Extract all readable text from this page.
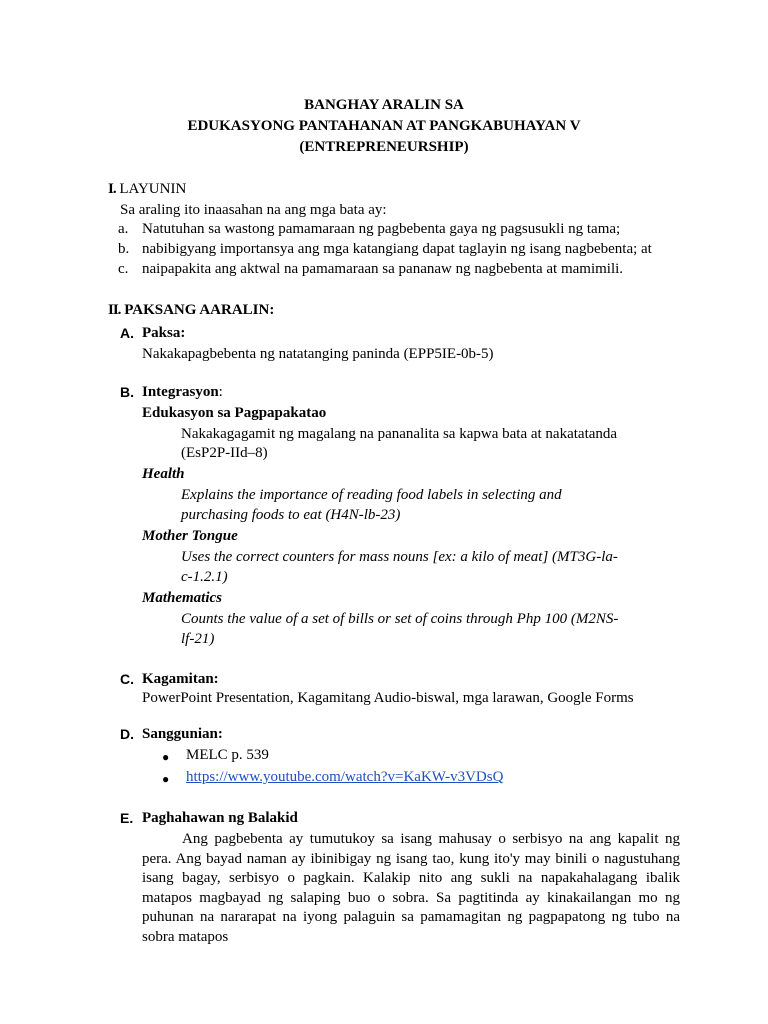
BANGHAY ARALIN SA
EDUKASYONG PANTAHANAN AT PANGKABUHAYAN V
(ENTREPRENEURSHIP)
I. LAYUNIN
Sa araling ito inaasahan na ang mga bata ay:
a. Natutuhan sa wastong pamamaraan ng pagbebenta gaya ng pagsusukli ng tama;
b. nabibigyang importansya ang mga katangiang dapat taglayin ng isang nagbebenta; at
c. naipapakita ang aktwal na pamamaraan sa pananaw ng nagbebenta at mamimili.
II. PAKSANG AARALIN:
A. Paksa:
Nakakapagbebenta ng natatanging paninda (EPP5IE-0b-5)
B. Integrasyon:
Edukasyon sa Pagpapakatao
Nakakagagamit ng magalang na pananalita sa kapwa bata at nakatatanda
(EsP2P-IId–8)
Health
Explains the importance of reading food labels in selecting and
purchasing foods to eat (H4N-lb-23)
Mother Tongue
Uses the correct counters for mass nouns [ex: a kilo of meat] (MT3G-la-
c-1.2.1)
Mathematics
Counts the value of a set of bills or set of coins through Php 100 (M2NS-
lf-21)
C. Kagamitan:
PowerPoint Presentation, Kagamitang Audio-biswal, mga larawan, Google Forms
D. Sanggunian:
● MELC p. 539
● https://www.youtube.com/watch?v=KaKW-v3VDsQ
E. Paghahawan ng Balakid
Ang pagbebenta ay tumutukoy sa isang mahusay o serbisyo na ang kapalit ng pera. Ang bayad naman ay ibinibigay ng isang tao, kung ito'y may binili o nagustuhang isang bagay, serbisyo o pagkain. Kalakip nito ang sukli na napakahalagang ibalik matapos magbayad ng salaping buo o sobra. Sa pagtitinda ay kinakailangan mo ng puhunan na nararapat na iyong palaguin sa pamamagitan ng pagpapatong ng tubo na sobra matapos
